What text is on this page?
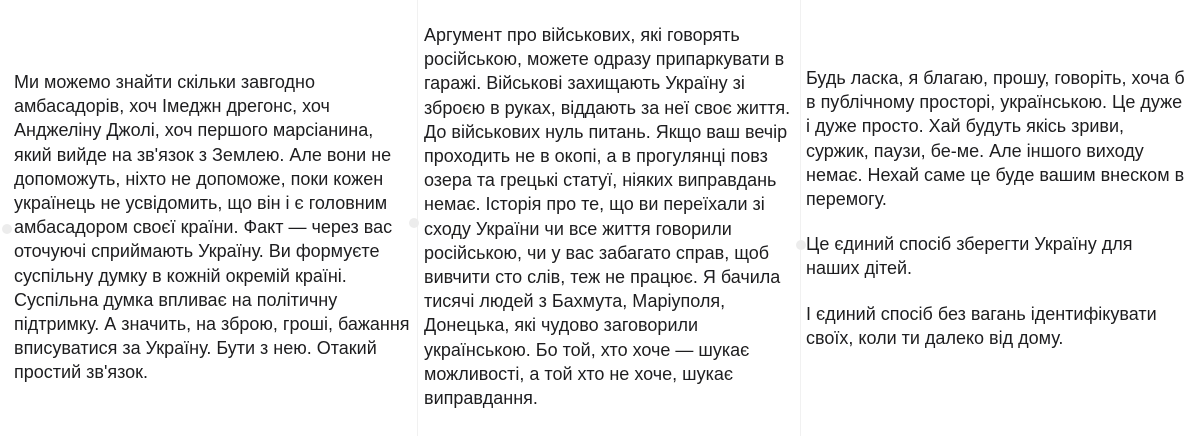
Ми можемо знайти скільки завгодно амбасадорів, хоч Імеджн дрегонс, хоч Анджеліну Джолі, хоч першого марсіанина, який вийде на зв'язок з Землею. Але вони не допоможуть, ніхто не допоможе, поки кожен українець не усвідомить, що він і є головним амбасадором своєї країни. Факт — через вас оточуючі сприймають Україну. Ви формуєте суспільну думку в кожній окремій країні. Суспільна думка впливає на політичну підтримку. А значить, на зброю, гроші, бажання вписуватися за Україну. Бути з нею. Отакий простий зв'язок.

Аргумент про військових, які говорять російською, можете одразу припаркувати в гаражі. Військові захищають Україну зі зброєю в руках, віддають за неї своє життя. До військових нуль питань. Якщо ваш вечір проходить не в окопі, а в прогулянці повз озера та грецькі статуї, ніяких виправдань немає. Історія про те, що ви переїхали зі сходу України чи все життя говорили російською, чи у вас забагато справ, щоб вивчити сто слів, теж не працює. Я бачила тисячі людей з Бахмута, Маріуполя, Донецька, які чудово заговорили українською. Бо той, хто хоче — шукає можливості, а той хто не хоче, шукає виправдання.

Будь ласка, я благаю, прошу, говоріть, хоча б в публічному просторі, українською. Це дуже і дуже просто. Хай будуть якісь зриви, суржик, паузи, бе-ме. Але іншого виходу немає. Нехай саме це буде вашим внеском в перемогу.

Це єдиний спосіб зберегти Україну для наших дітей.

І єдиний спосіб без вагань ідентифікувати своїх, коли ти далеко від дому.
